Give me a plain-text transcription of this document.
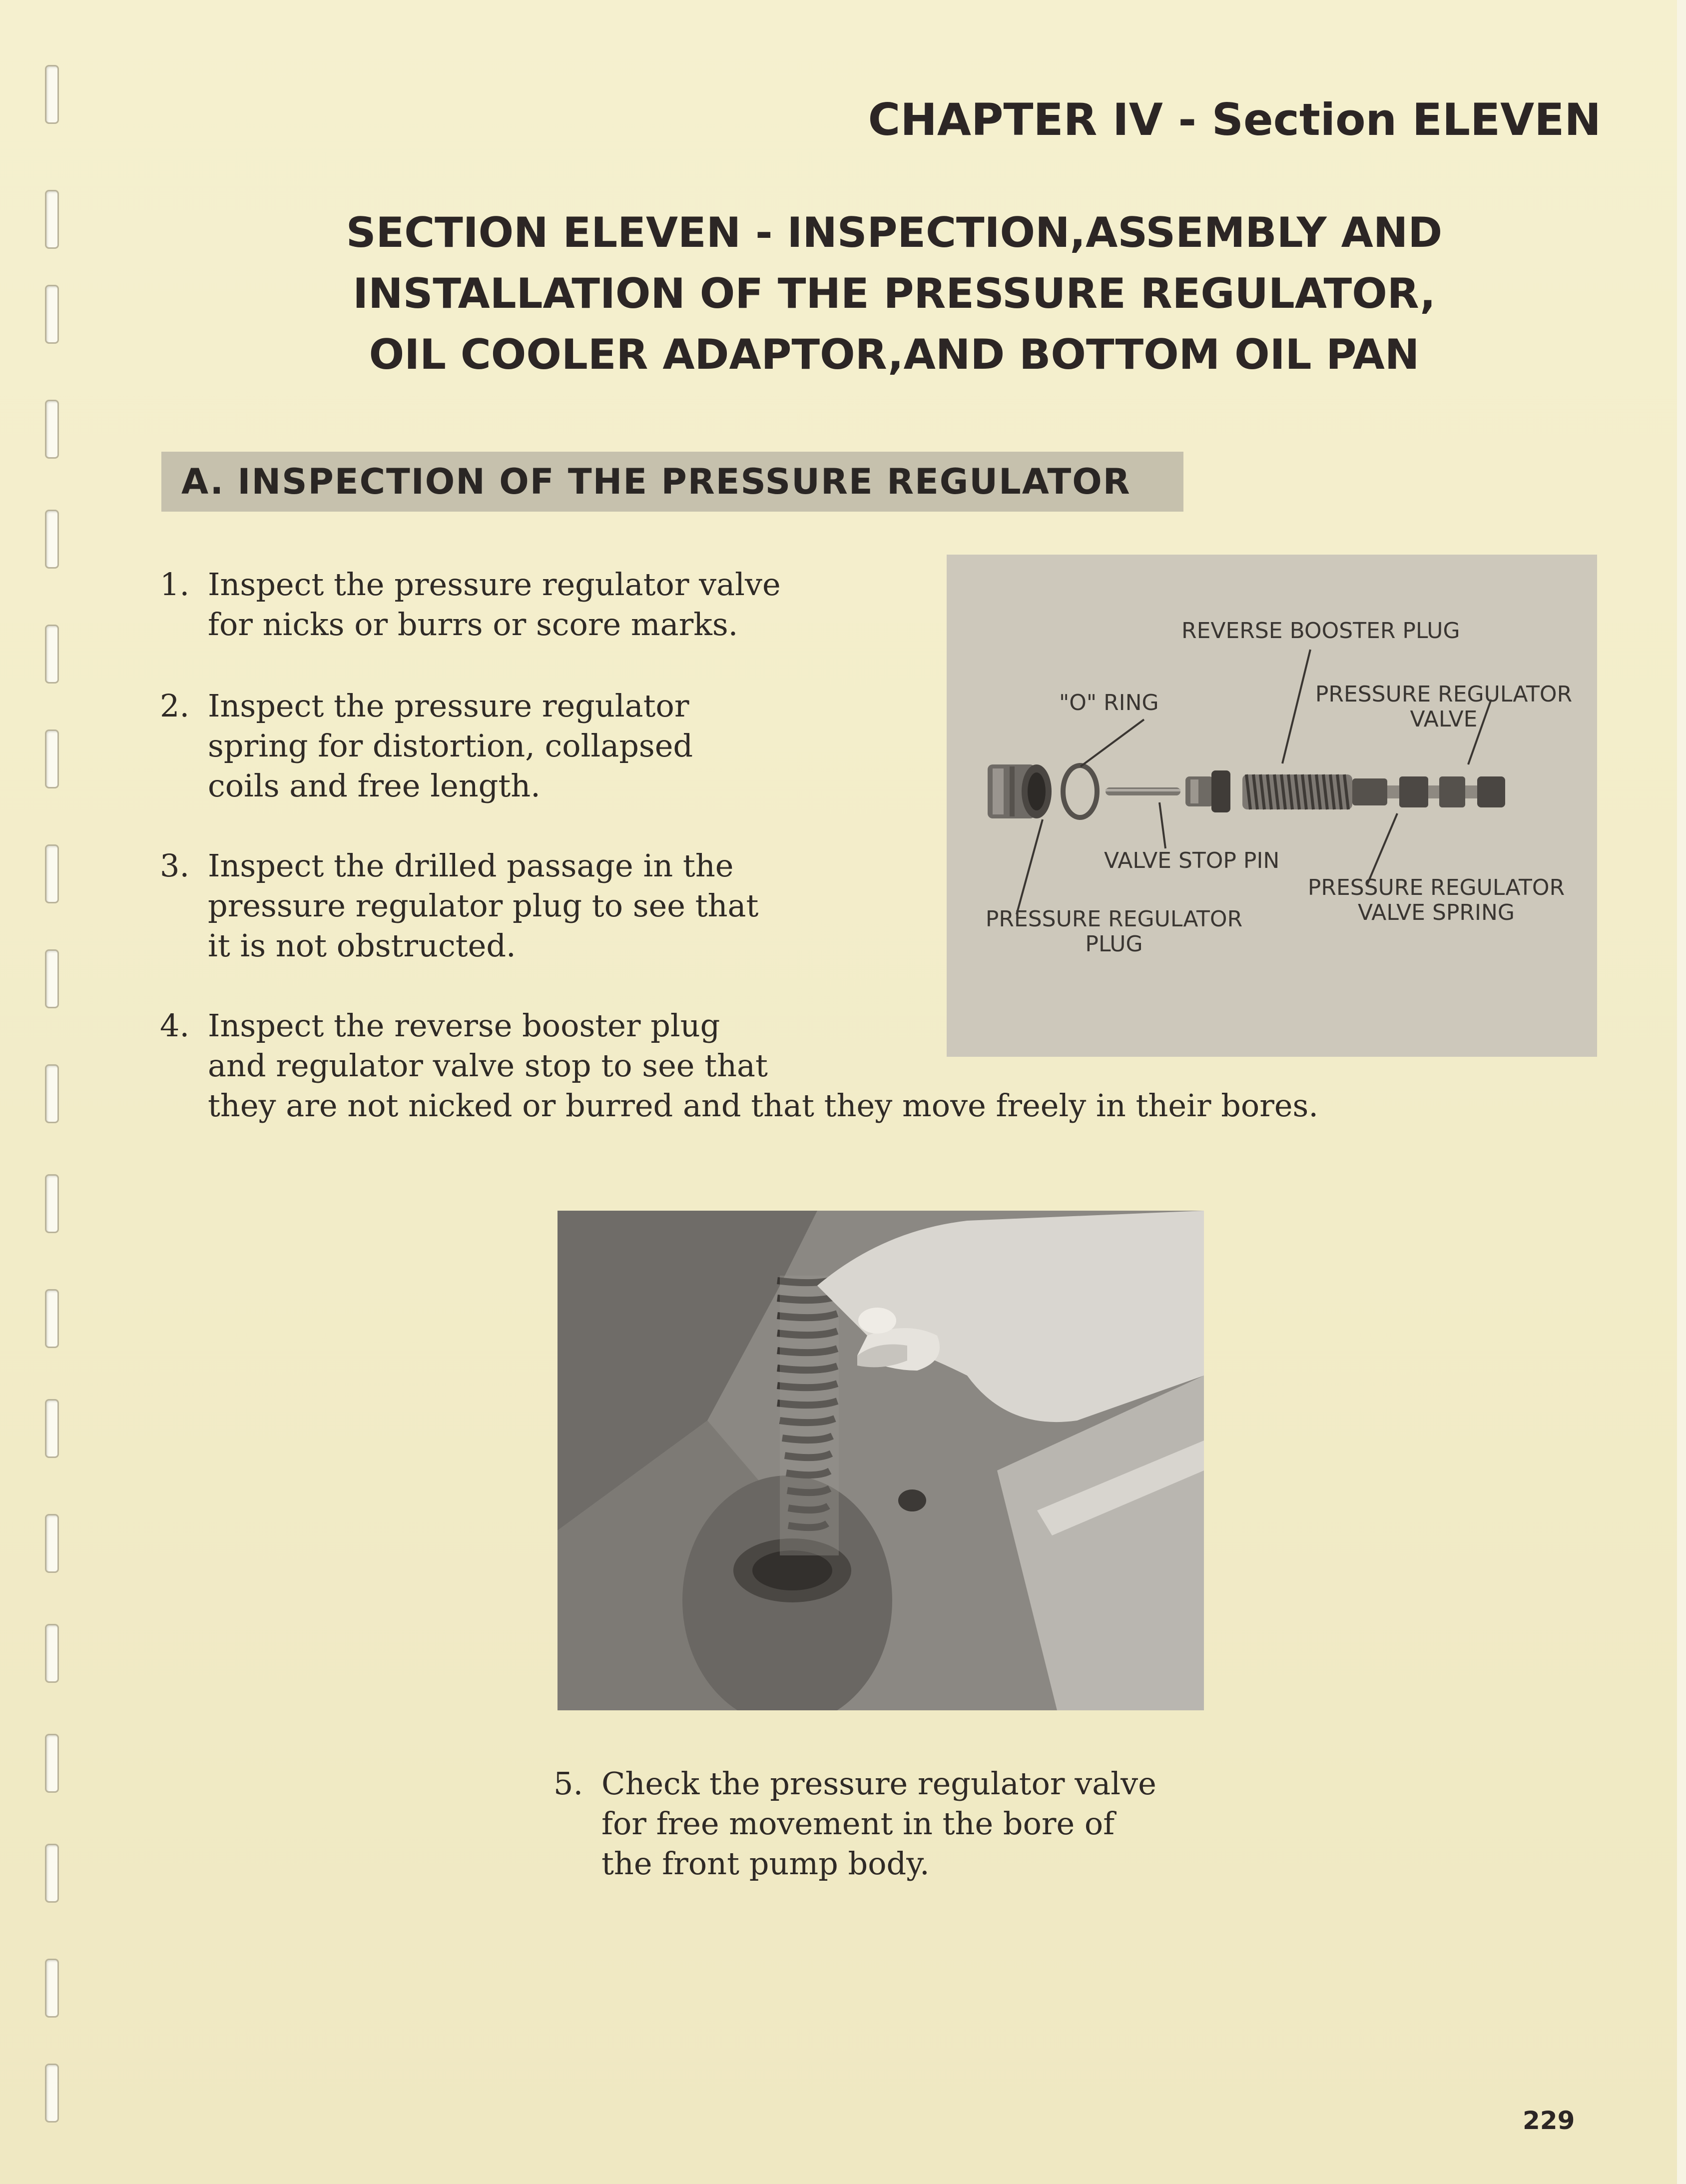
CHAPTER IV - Section ELEVEN
SECTION ELEVEN - INSPECTION,ASSEMBLY AND
INSTALLATION OF THE PRESSURE REGULATOR,
OIL COOLER ADAPTOR,AND BOTTOM OIL PAN
A. INSPECTION OF THE PRESSURE REGULATOR
1. Inspect the pressure regulator valve
for nicks or burrs or score marks.
2. Inspect the pressure regulator
spring for distortion, collapsed
coils and free length.
3. Inspect the drilled passage in the
pressure regulator plug to see that
it is not obstructed.
4. Inspect the reverse booster plug
and regulator valve stop to see that
they are not nicked or burred and that they move freely in their bores.
REVERSE BOOSTER PLUG
"O" RING	PRESSURE REGULATOR
VALVE
VALVE STOP PIN
PRESSURE REGULATOR
VALVE SPRING
PRESSURE REGULATOR
PLUG
5. Check the pressure regulator valve
for free movement in the bore of
the front pump body.
229
